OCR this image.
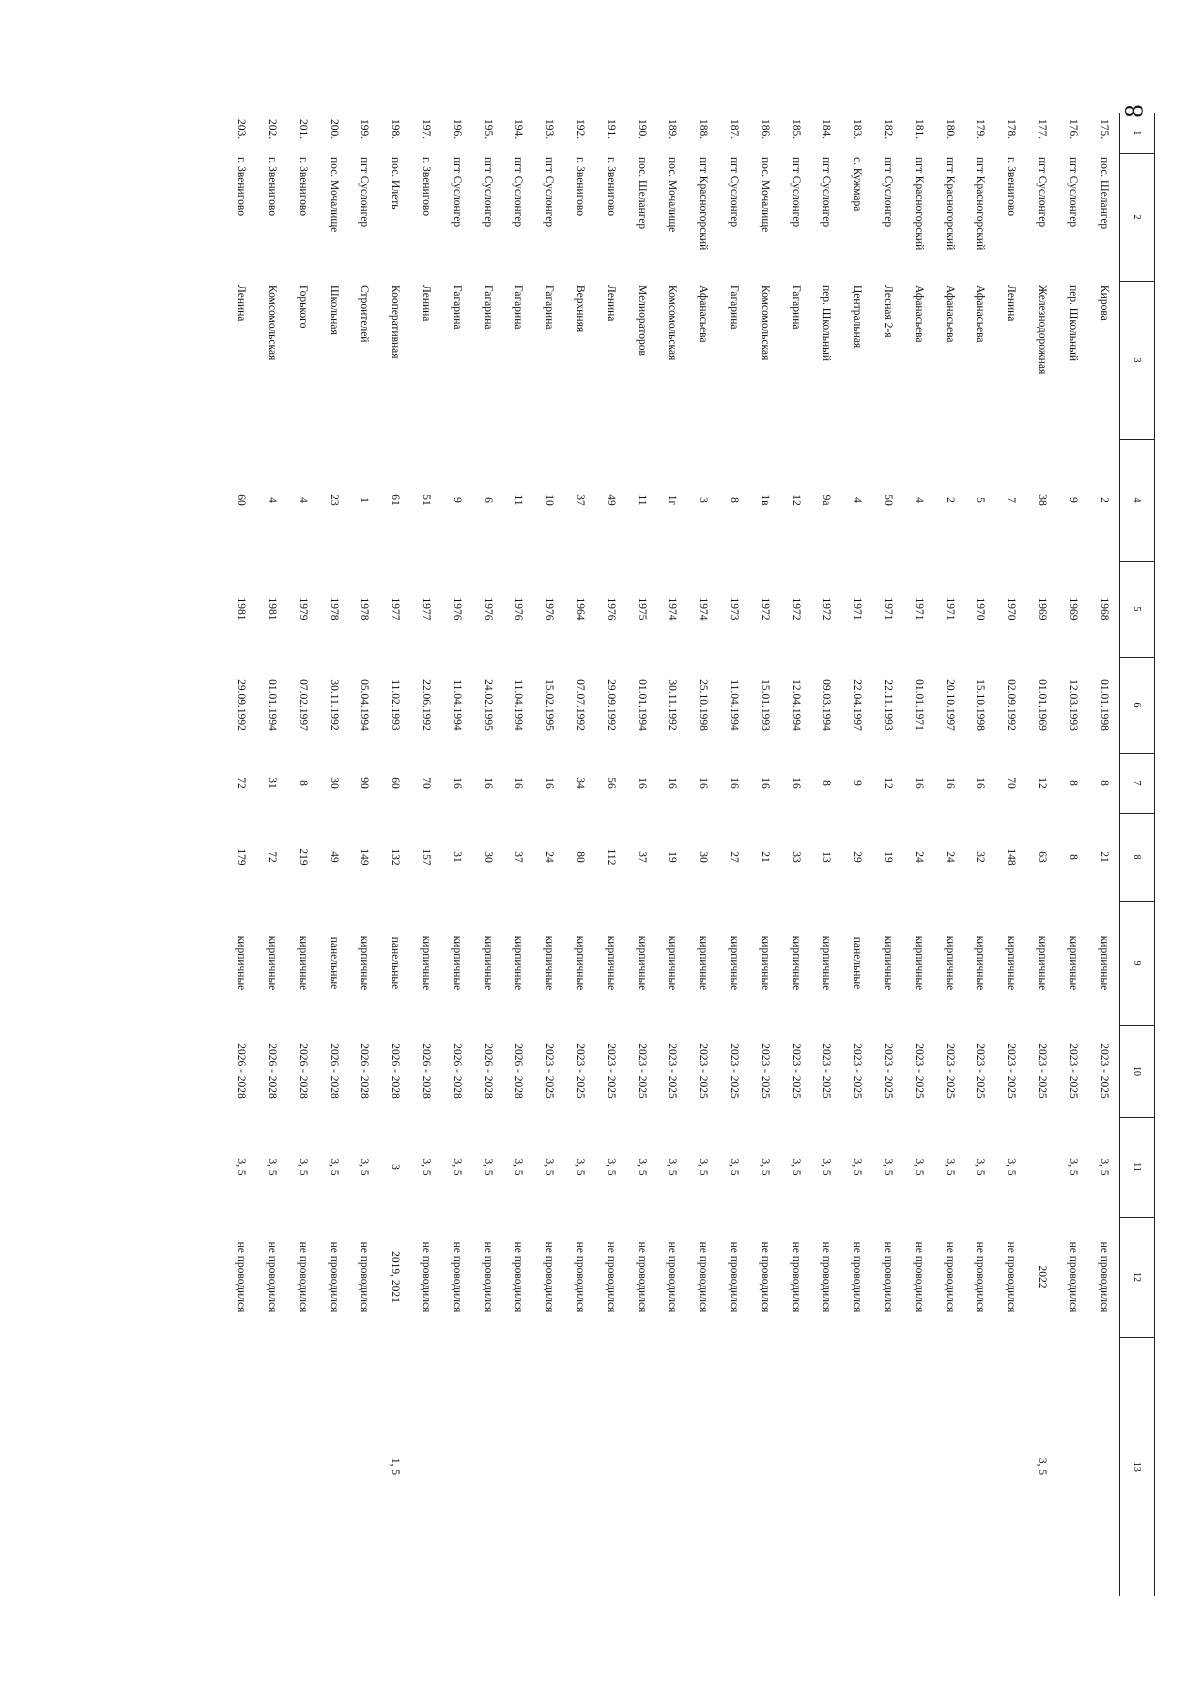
8
1	2	3	4	5	6	7	8	9	10	11	12	13
175.	пос. Шелангер	Кирова	2	1968	01.01.1998	8	21	кирпичные	2023 - 2025	3, 5	не проводился	
176.	пгт Суслонгер	пер. Школьный	9	1969	12.03.1993	8	8	кирпичные	2023 - 2025	3, 5	не проводился	
177.	пгт Суслонгер	Железнодорожная	38	1969	01.01.1969	12	63	кирпичные	2023 - 2025		2022	3, 5
178.	г. Звенигово	Ленина	7	1970	02.09.1992	70	148	кирпичные	2023 - 2025	3, 5	не проводился	
179.	пгт Красногорский	Афанасьева	5	1970	15.10.1998	16	32	кирпичные	2023 - 2025	3, 5	не проводился	
180.	пгт Красногорский	Афанасьева	2	1971	20.10.1997	16	24	кирпичные	2023 - 2025	3, 5	не проводился	
181.	пгт Красногорский	Афанасьева	4	1971	01.01.1971	16	24	кирпичные	2023 - 2025	3, 5	не проводился	
182.	пгт Суслонгер	Лесная 2-я	50	1971	22.11.1993	12	19	кирпичные	2023 - 2025	3, 5	не проводился	
183.	с. Кужмара	Центральная	4	1971	22.04.1997	9	29	панельные	2023 - 2025	3, 5	не проводился	
184.	пгт Суслонгер	пер. Школьный	9а	1972	09.03.1994	8	13	кирпичные	2023 - 2025	3, 5	не проводился	
185.	пгт Суслонгер	Гагарина	12	1972	12.04.1994	16	33	кирпичные	2023 - 2025	3, 5	не проводился	
186.	пос. Мочалище	Комсомольская	1в	1972	15.01.1993	16	21	кирпичные	2023 - 2025	3, 5	не проводился	
187.	пгт Суслонгер	Гагарина	8	1973	11.04.1994	16	27	кирпичные	2023 - 2025	3, 5	не проводился	
188.	пгт Красногорский	Афанасьева	3	1974	25.10.1998	16	30	кирпичные	2023 - 2025	3, 5	не проводился	
189.	пос. Мочалище	Комсомольская	1г	1974	30.11.1992	16	19	кирпичные	2023 - 2025	3, 5	не проводился	
190.	пос. Шелангер	Мелиораторов	11	1975	01.01.1994	16	37	кирпичные	2023 - 2025	3, 5	не проводился	
191.	г. Звенигово	Ленина	49	1976	29.09.1992	56	112	кирпичные	2023 - 2025	3, 5	не проводился	
192.	г. Звенигово	Верхнняя	37	1964	07.07.1992	34	80	кирпичные	2023 - 2025	3, 5	не проводился	
193.	пгт Суслонгер	Гагарина	10	1976	15.02.1995	16	24	кирпичные	2023 - 2025	3, 5	не проводился	
194.	пгт Суслонгер	Гагарина	11	1976	11.04.1994	16	37	кирпичные	2026 - 2028	3, 5	не проводился	
195.	пгт Суслонгер	Гагарина	6	1976	24.02.1995	16	30	кирпичные	2026 - 2028	3, 5	не проводился	
196.	пгт Суслонгер	Гагарина	9	1976	11.04.1994	16	31	кирпичные	2026 - 2028	3, 5	не проводился	
197.	г. Звенигово	Ленина	51	1977	22.06.1992	70	157	кирпичные	2026 - 2028	3, 5	не проводился	
198.	пос. Илеть	Кооперативная	61	1977	11.02.1993	60	132	панельные	2026 - 2028	3	2019, 2021	1, 5
199.	пгт Суслонгер	Строителей	1	1978	05.04.1994	90	149	кирпичные	2026 - 2028	3, 5	не проводился	
200.	пос. Мочалище	Школьная	23	1978	30.11.1992	30	49	панельные	2026 - 2028	3, 5	не проводился	
201.	г. Звенигово	Горького	4	1979	07.02.1997	8	219	кирпичные	2026 - 2028	3, 5	не проводился	
202.	г. Звенигово	Комсомольская	4	1981	01.01.1994	31	72	кирпичные	2026 - 2028	3, 5	не проводился	
203.	г. Звенигово	Ленина	60	1981	29.09.1992	72	179	кирпичные	2026 - 2028	3, 5	не проводился	
